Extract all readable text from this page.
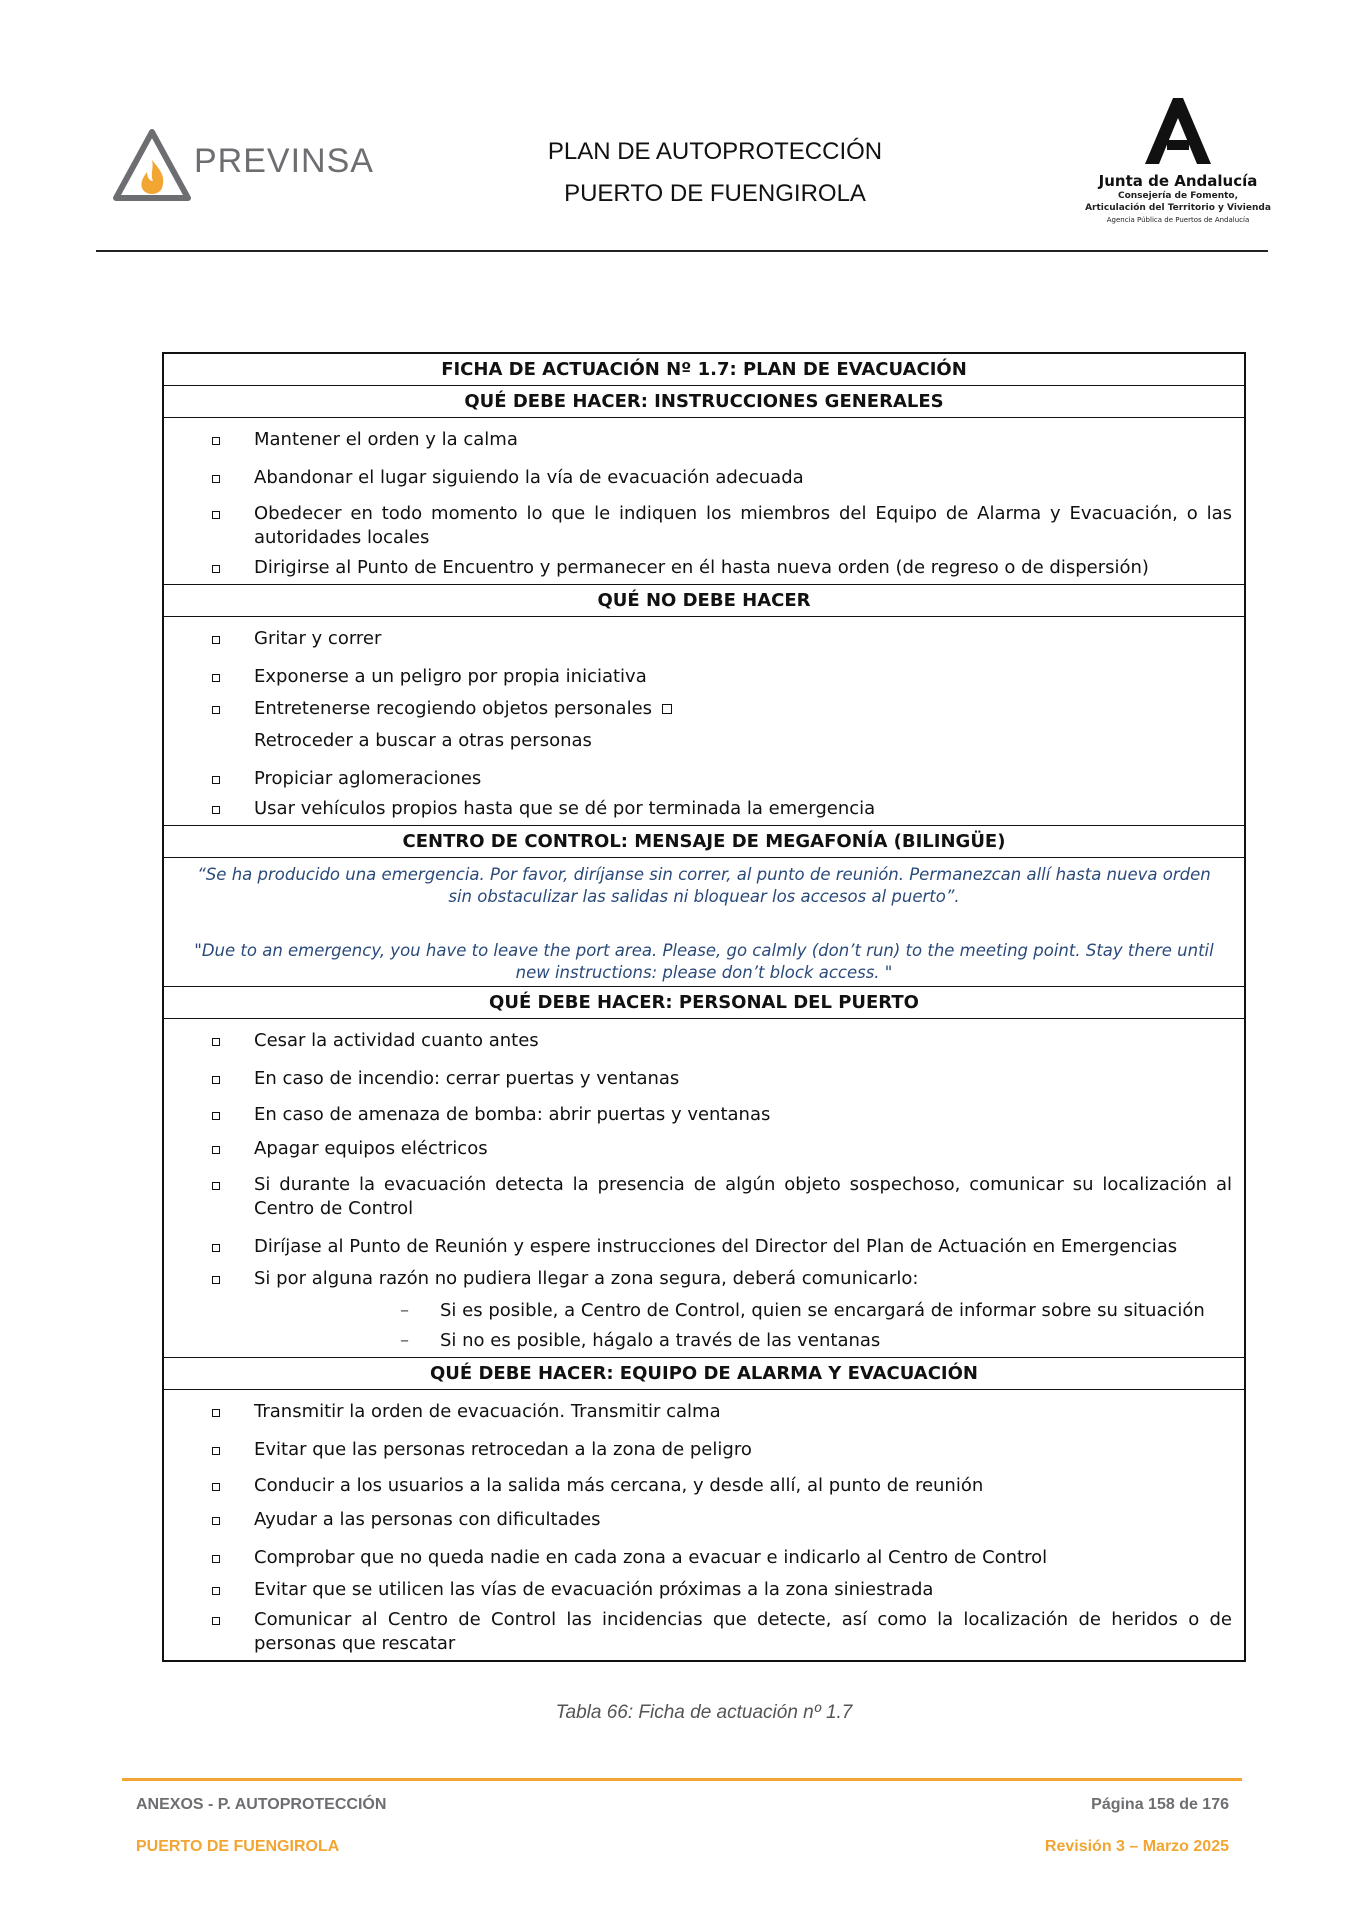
PREVINSA	PLAN DE AUTOPROTECCIÓN
PUERTO DE FUENGIROLA	Junta de Andalucía
Consejería de Fomento,
Articulación del Territorio y Vivienda
Agencia Pública de Puertos de Andalucía
FICHA DE ACTUACIÓN Nº 1.7: PLAN DE EVACUACIÓN
QUÉ DEBE HACER: INSTRUCCIONES GENERALES
Mantener el orden y la calma
Abandonar el lugar siguiendo la vía de evacuación adecuada
Obedecer en todo momento lo que le indiquen los miembros del Equipo de Alarma y Evacuación, o las autoridades locales
Dirigirse al Punto de Encuentro y permanecer en él hasta nueva orden (de regreso o de dispersión)
QUÉ NO DEBE HACER
Gritar y correr
Exponerse a un peligro por propia iniciativa
Entretenerse recogiendo objetos personales
Retroceder a buscar a otras personas
Propiciar aglomeraciones
Usar vehículos propios hasta que se dé por terminada la emergencia
CENTRO DE CONTROL: MENSAJE DE MEGAFONÍA (BILINGÜE)

“Se ha producido una emergencia. Por favor, diríjanse sin correr, al punto de reunión. Permanezcan allí hasta nueva orden sin obstaculizar las salidas ni bloquear los accesos al puerto”.

"Due to an emergency, you have to leave the port area. Please, go calmly (don’t run) to the meeting point. Stay there until new instructions: please don’t block access. "

QUÉ DEBE HACER: PERSONAL DEL PUERTO
Cesar la actividad cuanto antes
En caso de incendio: cerrar puertas y ventanas
En caso de amenaza de bomba: abrir puertas y ventanas
Apagar equipos eléctricos
Si durante la evacuación detecta la presencia de algún objeto sospechoso, comunicar su localización al Centro de Control
Diríjase al Punto de Reunión y espere instrucciones del Director del Plan de Actuación en Emergencias
Si por alguna razón no pudiera llegar a zona segura, deberá comunicarlo:
– Si es posible, a Centro de Control, quien se encargará de informar sobre su situación
– Si no es posible, hágalo a través de las ventanas
QUÉ DEBE HACER: EQUIPO DE ALARMA Y EVACUACIÓN
Transmitir la orden de evacuación. Transmitir calma
Evitar que las personas retrocedan a la zona de peligro
Conducir a los usuarios a la salida más cercana, y desde allí, al punto de reunión
Ayudar a las personas con dificultades
Comprobar que no queda nadie en cada zona a evacuar e indicarlo al Centro de Control
Evitar que se utilicen las vías de evacuación próximas a la zona siniestrada
Comunicar al Centro de Control las incidencias que detecte, así como la localización de heridos o de personas que rescatar
Tabla 66: Ficha de actuación nº 1.7
ANEXOS - P. AUTOPROTECCIÓN	Página 158 de 176
PUERTO DE FUENGIROLA	Revisión 3 – Marzo 2025
